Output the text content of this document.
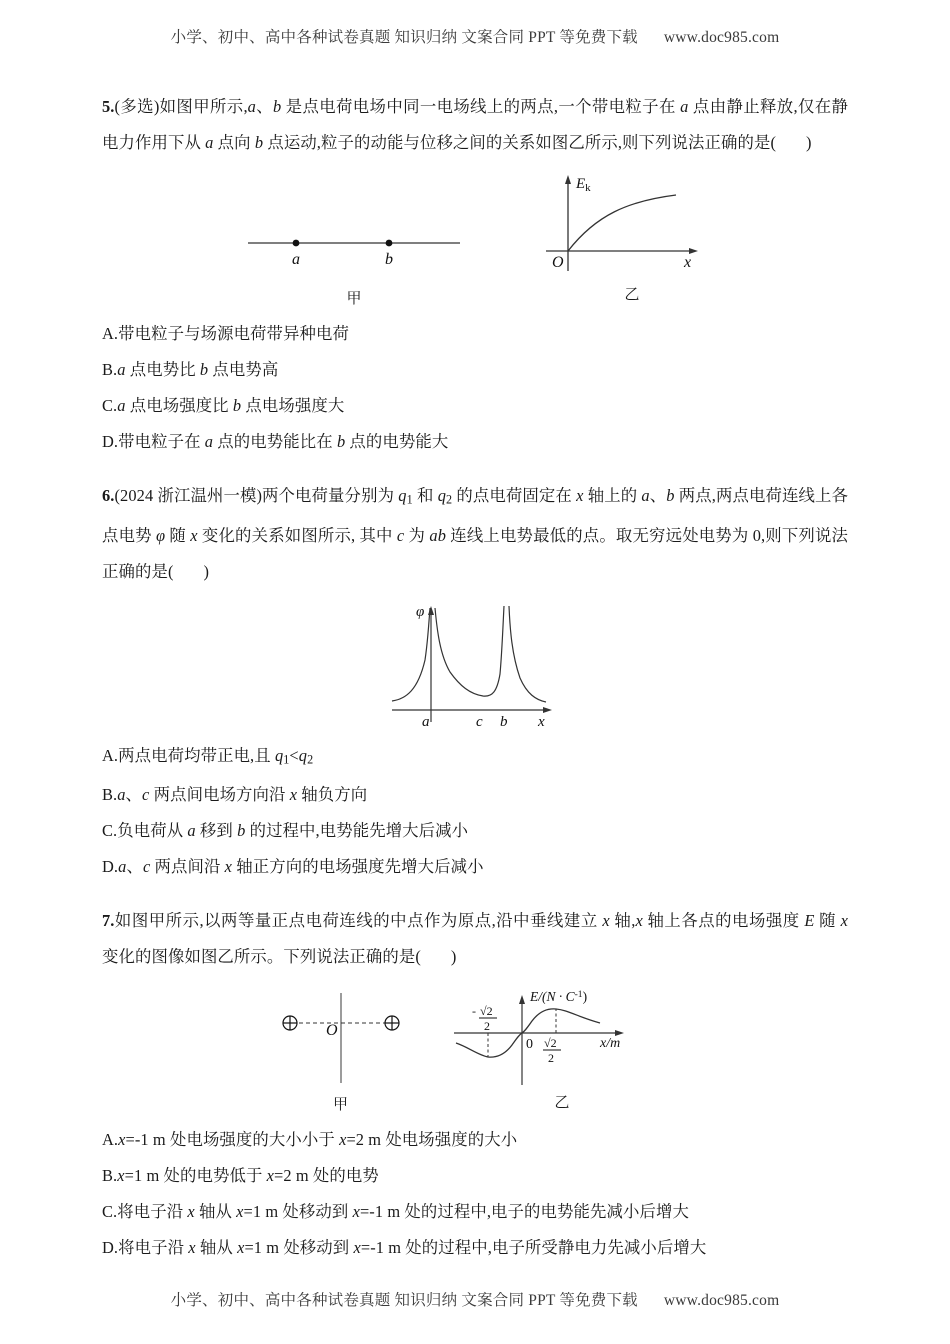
小学、初中、高中各种试卷真题 知识归纳 文案合同 PPT 等免费下载 www.doc985.com
5.(多选)如图甲所示,a、b 是点电荷电场中同一电场线上的两点,一个带电粒子在 a 点由静止释放,仅在静电力作用下从 a 点向 b 点运动,粒子的动能与位移之间的关系如图乙所示,则下列说法正确的是( )
a	b
甲
$E_k$
x
O
乙
A.带电粒子与场源电荷带异种电荷
B.a 点电势比 b 点电势高
C.a 点电场强度比 b 点电场强度大
D.带电粒子在 a 点的电势能比在 b 点的电势能大
6.(2024 浙江温州一模)两个电荷量分别为 $q_1$ 和 $q_2$ 的点电荷固定在 x 轴上的 a、b 两点,两点电荷连线上各点电势 φ 随 x 变化的关系如图所示, 其中 c 为 ab 连线上电势最低的点。取无穷远处电势为 0,则下列说法正确的是( )
φ
x
a	c b
A.两点电荷均带正电,且 $q_1<q_2$
B.a、c 两点间电场方向沿 x 轴负方向
C.负电荷从 a 移到 b 的过程中,电势能先增大后减小
D.a、c 两点间沿 x 轴正方向的电场强度先增大后减小
7.如图甲所示,以两等量正点电荷连线的中点作为原点,沿中垂线建立 x 轴,x 轴上各点的电场强度 E 随 x 变化的图像如图乙所示。下列说法正确的是( )
O
甲
$E/(N \cdot C^{-1})$
x/m
0
- √2
2
√2
2
乙
A.x=-1 m 处电场强度的大小小于 x=2 m 处电场强度的大小
B.x=1 m 处的电势低于 x=2 m 处的电势
C.将电子沿 x 轴从 x=1 m 处移动到 x=-1 m 处的过程中,电子的电势能先减小后增大
D.将电子沿 x 轴从 x=1 m 处移动到 x=-1 m 处的过程中,电子所受静电力先减小后增大
小学、初中、高中各种试卷真题 知识归纳 文案合同 PPT 等免费下载 www.doc985.com
